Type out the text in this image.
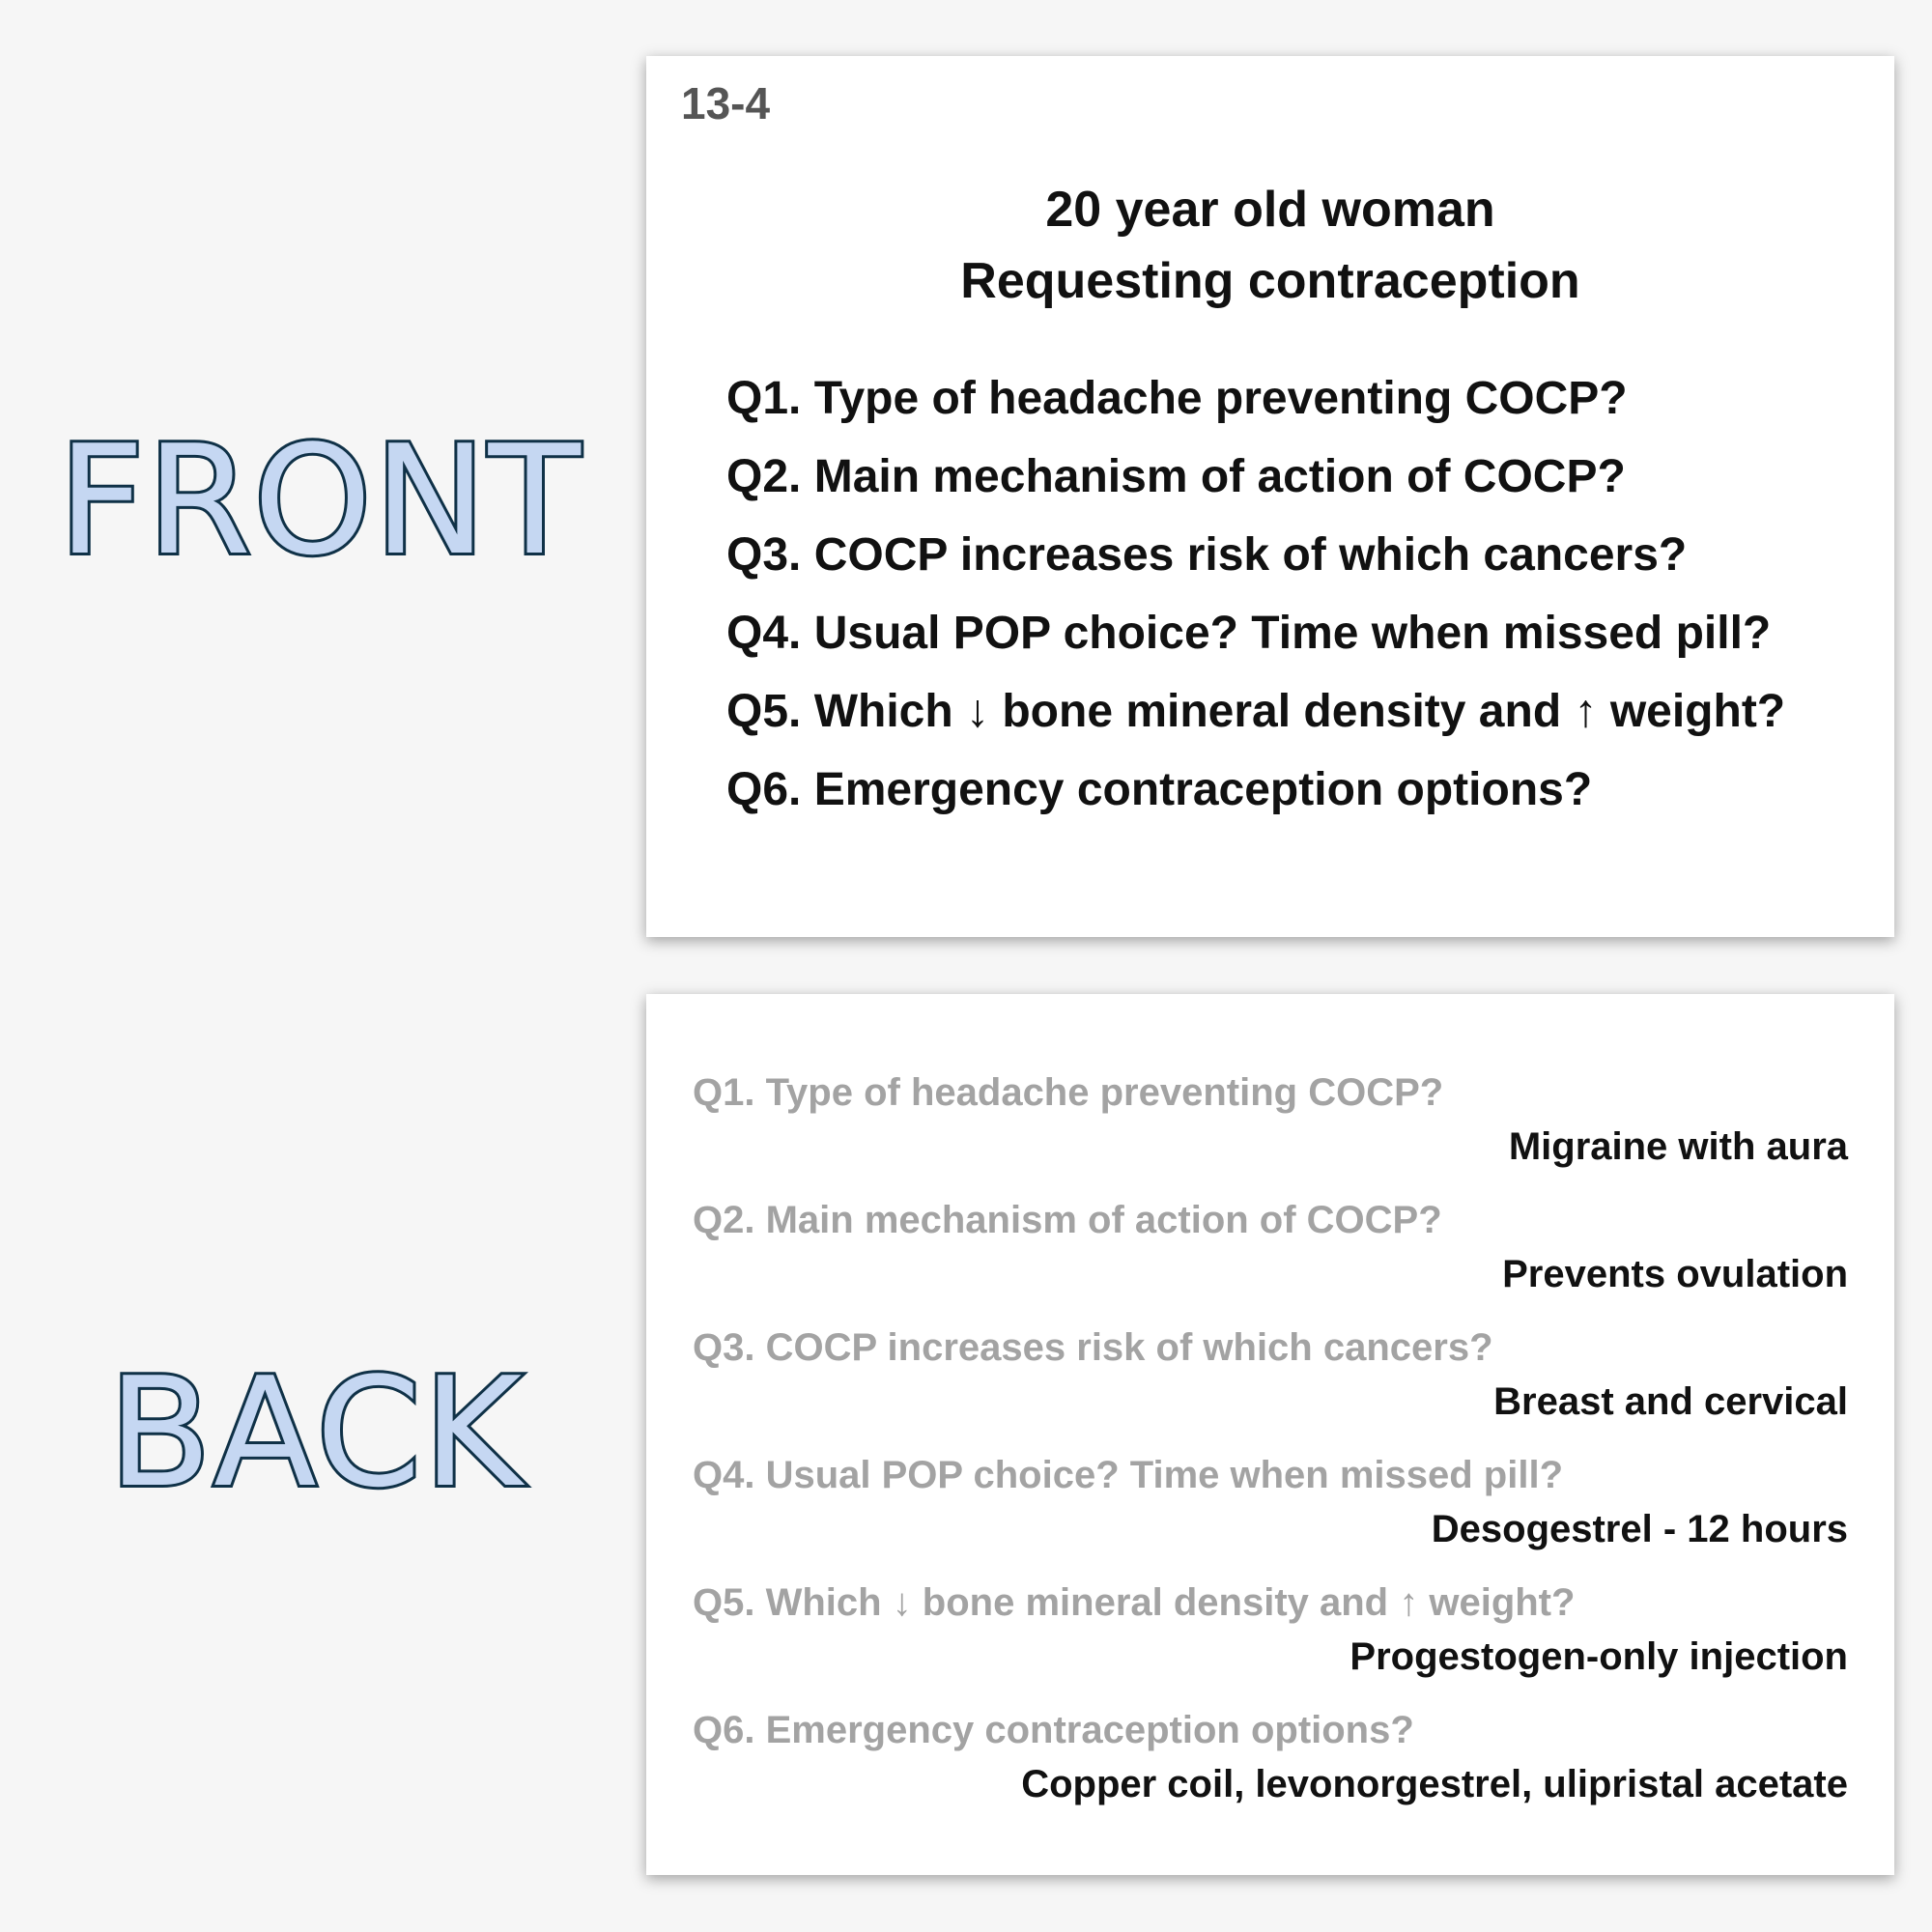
FRONT
BACK
13-4
20 year old woman
Requesting contraception
Q1. Type of headache preventing COCP?
Q2. Main mechanism of action of COCP?
Q3. COCP increases risk of which cancers?
Q4. Usual POP choice? Time when missed pill?
Q5. Which ↓ bone mineral density and ↑ weight?
Q6. Emergency contraception options?
Q1. Type of headache preventing COCP?
Migraine with aura
Q2. Main mechanism of action of COCP?
Prevents ovulation
Q3. COCP increases risk of which cancers?
Breast and cervical
Q4. Usual POP choice? Time when missed pill?
Desogestrel - 12 hours
Q5. Which ↓ bone mineral density and ↑ weight?
Progestogen-only injection
Q6. Emergency contraception options?
Copper coil, levonorgestrel, ulipristal acetate
